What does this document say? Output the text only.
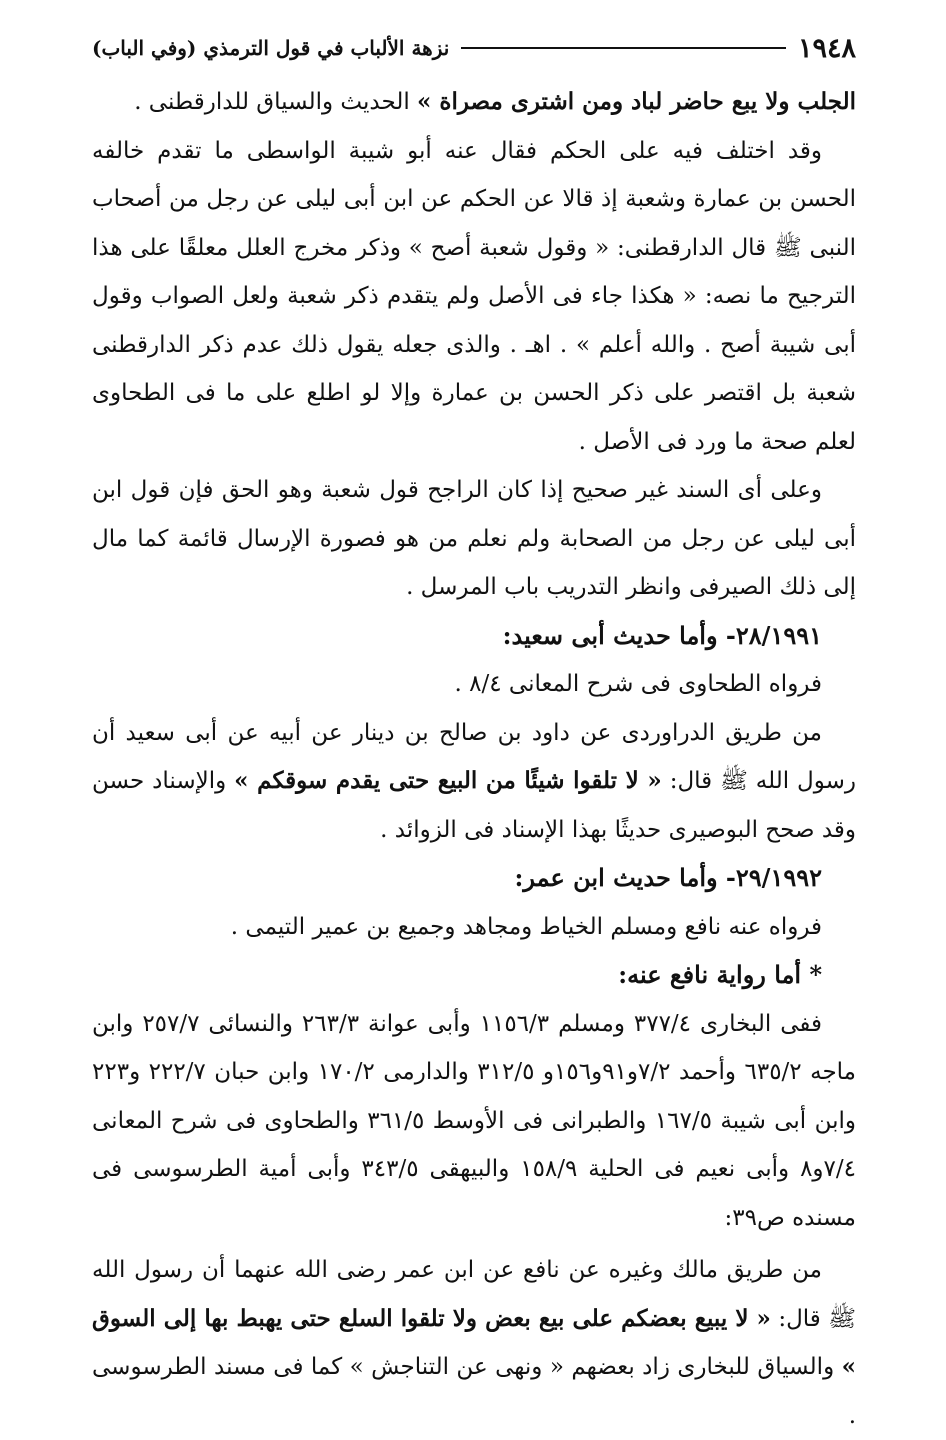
١٩٤٨
نزهة الألباب في قول الترمذي (وفي الباب)

الجلب ولا يبع حاضر لباد ومن اشترى مصراة » الحديث والسياق للدارقطنى .

وقد اختلف فيه على الحكم فقال عنه أبو شيبة الواسطى ما تقدم خالفه الحسن بن عمارة وشعبة إذ قالا عن الحكم عن ابن أبى ليلى عن رجل من أصحاب النبى ﷺ قال الدارقطنى: « وقول شعبة أصح » وذكر مخرج العلل معلقًا على هذا الترجيح ما نصه: « هكذا جاء فى الأصل ولم يتقدم ذكر شعبة ولعل الصواب وقول أبى شيبة أصح . والله أعلم » . اهـ . والذى جعله يقول ذلك عدم ذكر الدارقطنى شعبة بل اقتصر على ذكر الحسن بن عمارة وإلا لو اطلع على ما فى الطحاوى لعلم صحة ما ورد فى الأصل .

وعلى أى السند غير صحيح إذا كان الراجح قول شعبة وهو الحق فإن قول ابن أبى ليلى عن رجل من الصحابة ولم نعلم من هو فصورة الإرسال قائمة كما مال إلى ذلك الصيرفى وانظر التدريب باب المرسل .

٢٨/١٩٩١- وأما حديث أبى سعيد:

فرواه الطحاوى فى شرح المعانى ٨/٤ .

من طريق الدراوردى عن داود بن صالح بن دينار عن أبيه عن أبى سعيد أن رسول الله ﷺ قال: « لا تلقوا شيئًا من البيع حتى يقدم سوقكم » والإسناد حسن وقد صحح البوصيرى حديثًا بهذا الإسناد فى الزوائد .

٢٩/١٩٩٢- وأما حديث ابن عمر:

فرواه عنه نافع ومسلم الخياط ومجاهد وجميع بن عمير التيمى .

* أما رواية نافع عنه:

ففى البخارى ٣٧٧/٤ ومسلم ١١٥٦/٣ وأبى عوانة ٢٦٣/٣ والنسائى ٢٥٧/٧ وابن ماجه ٦٣٥/٢ وأحمد ٧/٢و٩١و١٥٦و ٣١٢/٥ والدارمى ١٧٠/٢ وابن حبان ٢٢٢/٧ و٢٢٣ وابن أبى شيبة ١٦٧/٥ والطبرانى فى الأوسط ٣٦١/٥ والطحاوى فى شرح المعانى ٧/٤و٨ وأبى نعيم فى الحلية ١٥٨/٩ والبيهقى ٣٤٣/٥ وأبى أمية الطرسوسى فى مسنده ص٣٩:

من طريق مالك وغيره عن نافع عن ابن عمر رضى الله عنهما أن رسول الله ﷺ قال: « لا يبيع بعضكم على بيع بعض ولا تلقوا السلع حتى يهبط بها إلى السوق » والسياق للبخارى زاد بعضهم « ونهى عن التناجش » كما فى مسند الطرسوسى .
